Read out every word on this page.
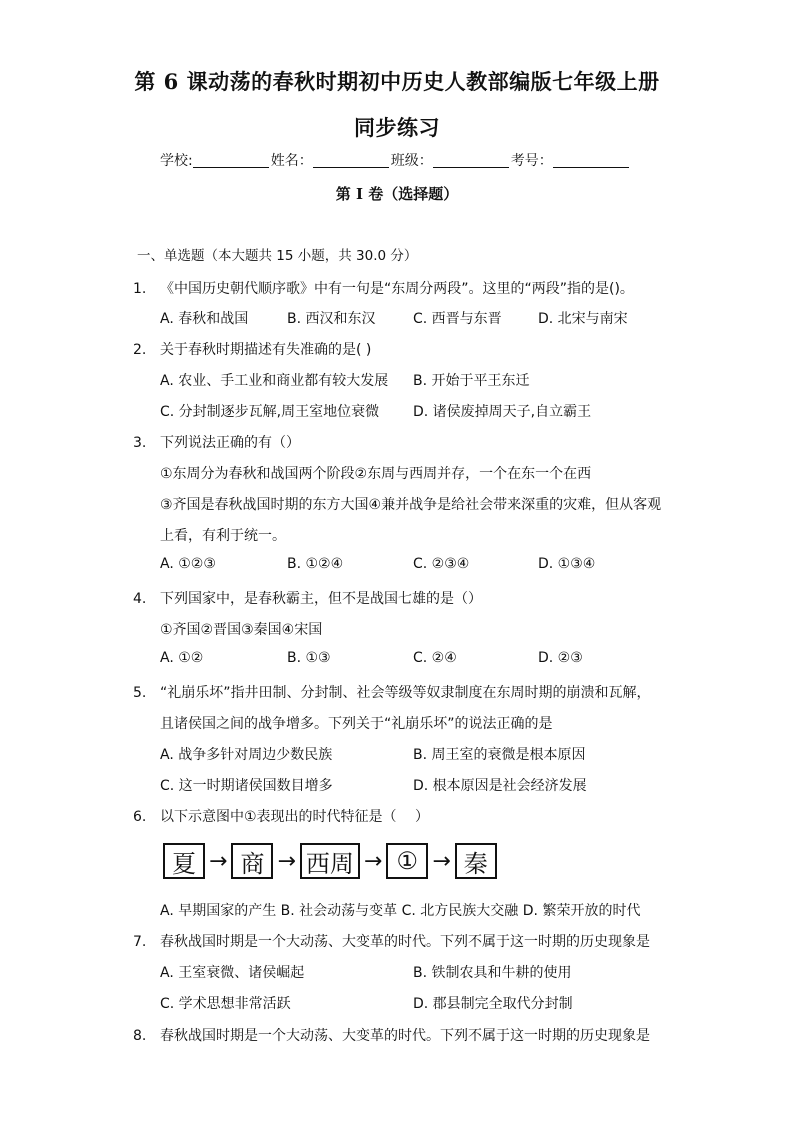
第 6 课动荡的春秋时期初中历史人教部编版七年级上册
同步练习
学校:	姓名：	班级：	考号：
第 I 卷（选择题）
一、单选题（本大题共 15 小题，共 30.0 分）
1. 《中国历史朝代顺序歌》中有一句是“东周分两段”。这里的“两段”指的是()。
A. 春秋和战国	B. 西汉和东汉	C. 西晋与东晋	D. 北宋与南宋
2. 关于春秋时期描述有失准确的是( )
A. 农业、手工业和商业都有较大发展 B. 开始于平王东迁
C. 分封制逐步瓦解,周王室地位衰微 D. 诸侯废掉周天子,自立霸王
3. 下列说法正确的有（）
①东周分为春秋和战国两个阶段②东周与西周并存，一个在东一个在西
③齐国是春秋战国时期的东方大国④兼并战争是给社会带来深重的灾难，但从客观
上看，有利于统一。
A. ①②③	B. ①②④	C. ②③④	D. ①③④
4. 下列国家中，是春秋霸主，但不是战国七雄的是（）
①齐国②晋国③秦国④宋国
A. ①②	B. ①③	C. ②④	D. ②③
5. “礼崩乐坏”指井田制、分封制、社会等级等奴隶制度在东周时期的崩溃和瓦解，
且诸侯国之间的战争增多。下列关于“礼崩乐坏”的说法正确的是
A. 战争多针对周边少数民族	B. 周王室的衰微是根本原因
C. 这一时期诸侯国数目增多	D. 根本原因是社会经济发展
6. 以下示意图中①表现出的时代特征是（　 ）
夏 → 商 → 西周 → ① → 秦
A. 早期国家的产生 B. 社会动荡与变革 C. 北方民族大交融 D. 繁荣开放的时代
7. 春秋战国时期是一个大动荡、大变革的时代。下列不属于这一时期的历史现象是
A. 王室衰微、诸侯崛起	B. 铁制农具和牛耕的使用
C. 学术思想非常活跃	D. 郡县制完全取代分封制
8. 春秋战国时期是一个大动荡、大变革的时代。下列不属于这一时期的历史现象是
